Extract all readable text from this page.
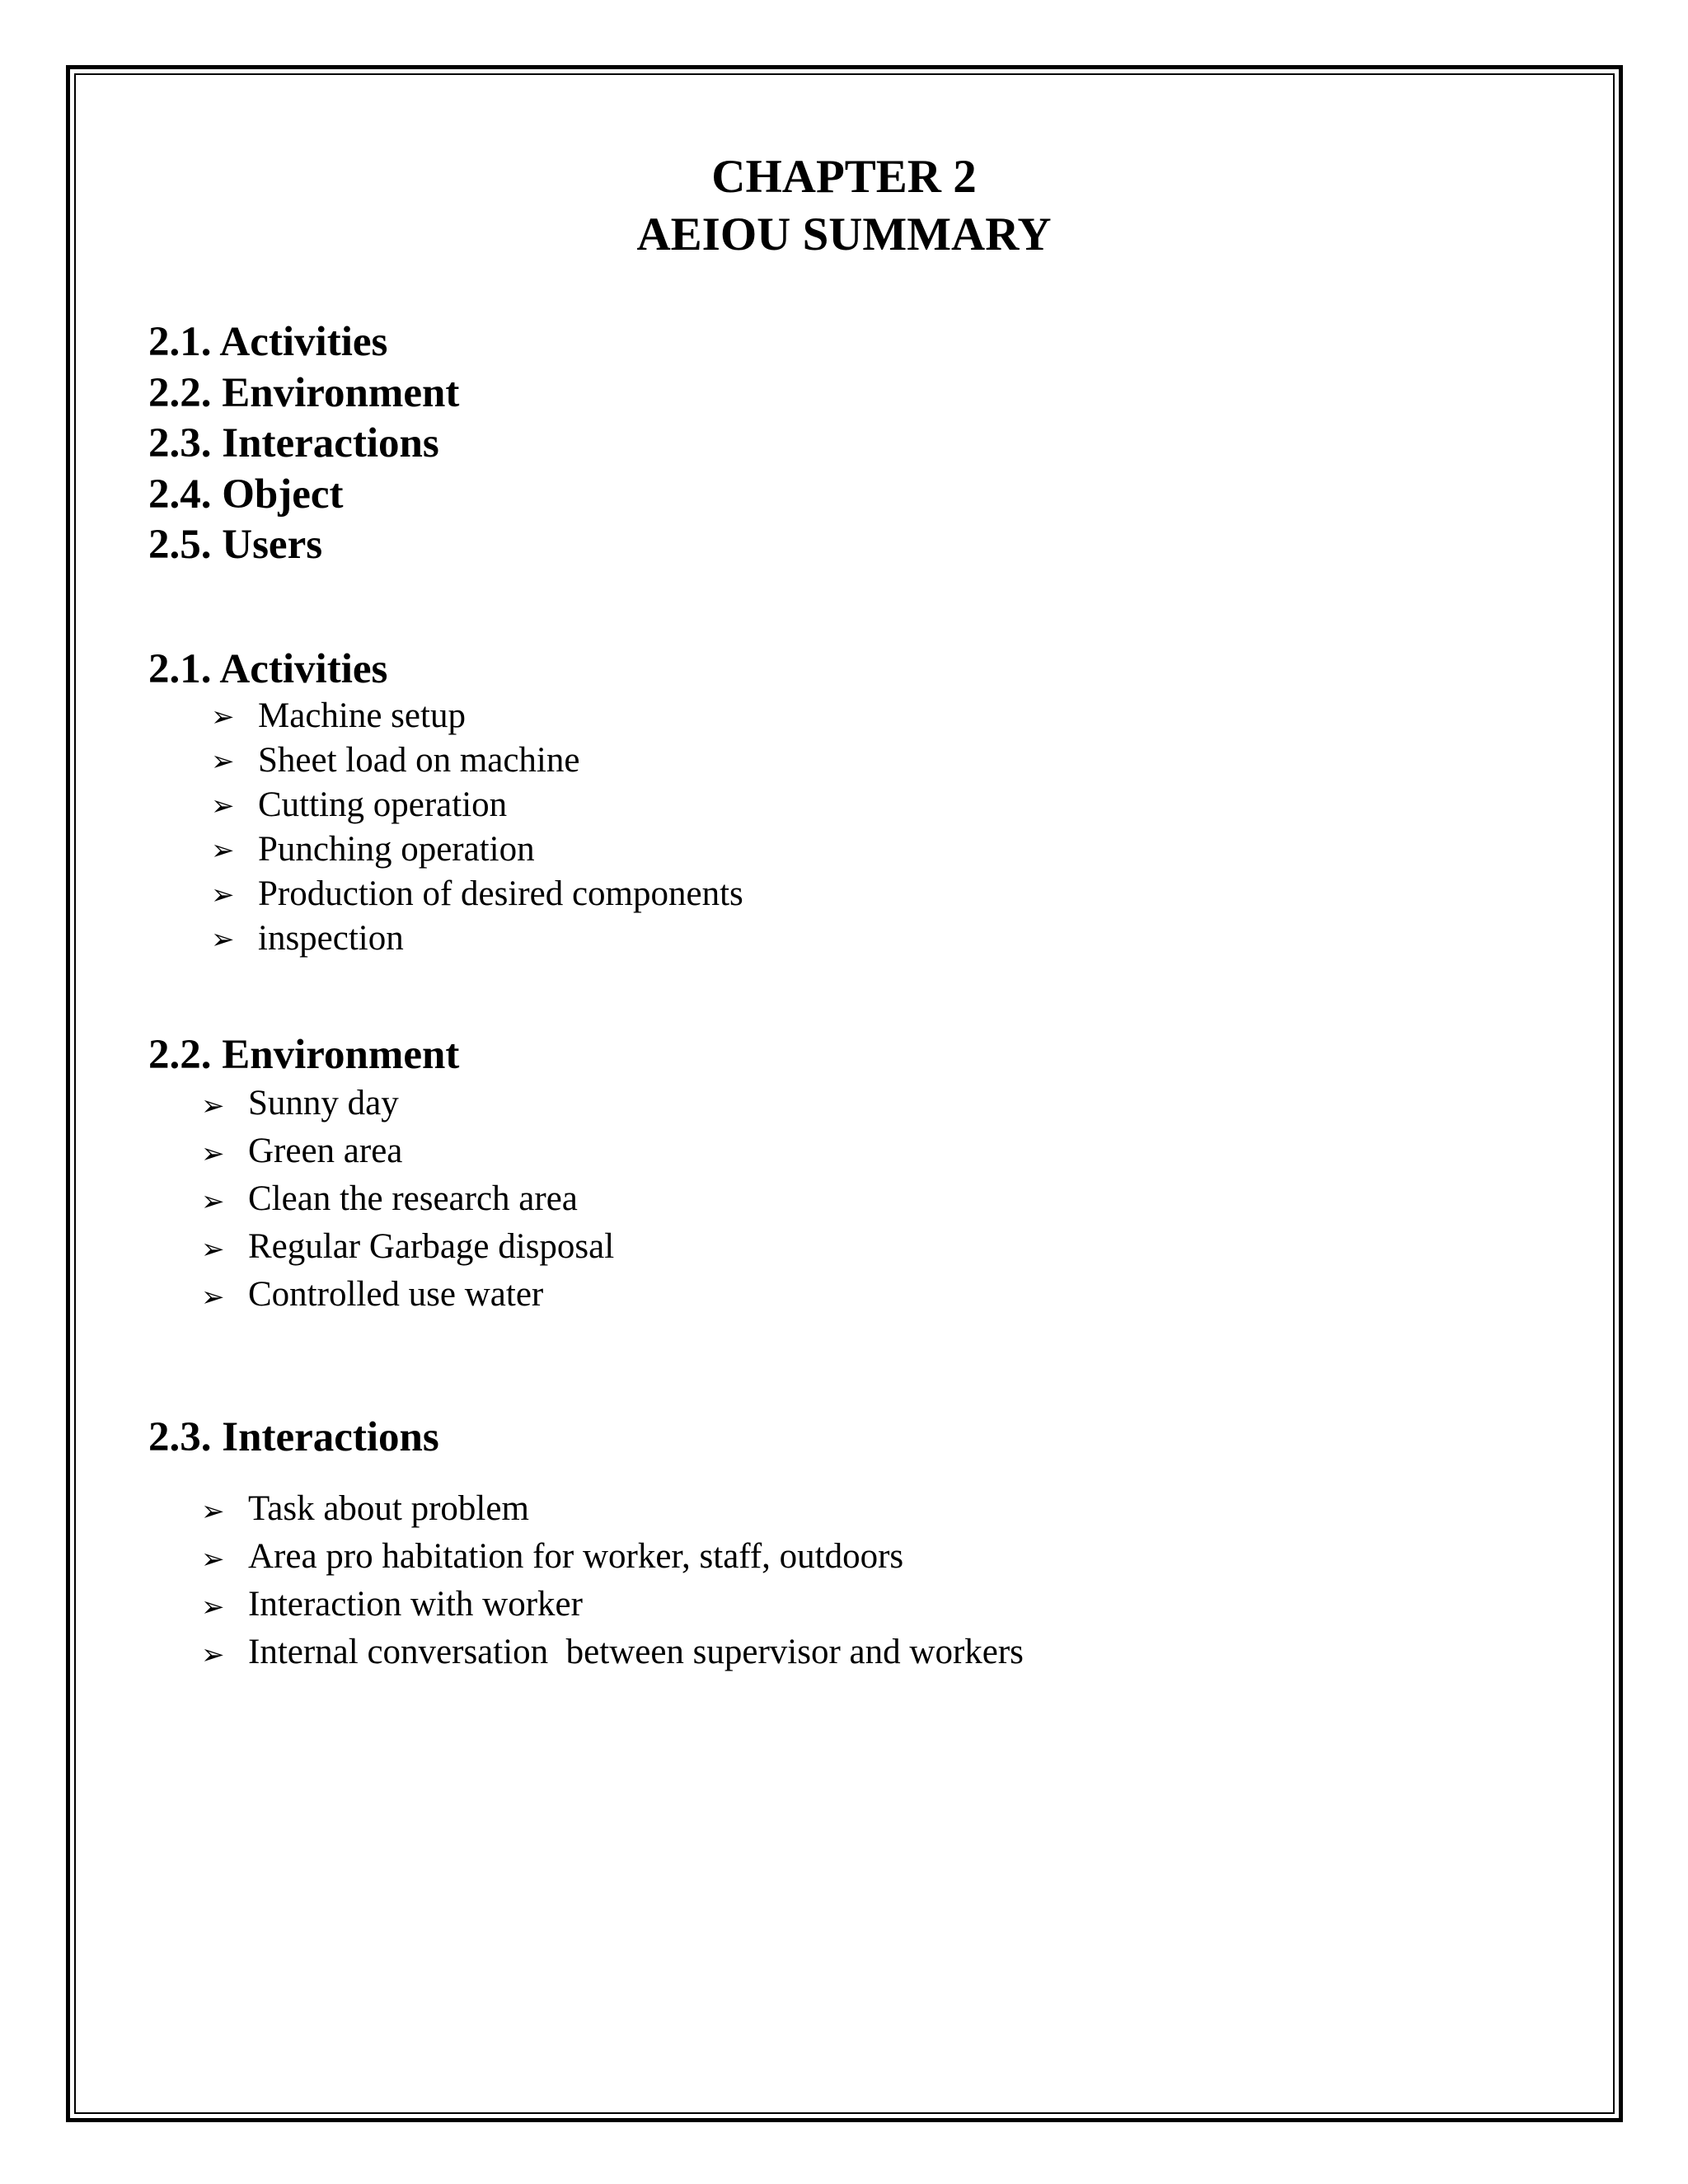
CHAPTER 2
AEIOU SUMMARY
2.1. Activities
2.2. Environment
2.3. Interactions
2.4. Object
2.5. Users
2.1. Activities
➢ Machine setup
➢ Sheet load on machine
➢ Cutting operation
➢ Punching operation
➢ Production of desired components
➢ inspection
2.2. Environment
➢ Sunny day
➢ Green area
➢ Clean the research area
➢ Regular Garbage disposal
➢ Controlled use water
2.3. Interactions
➢ Task about problem
➢ Area pro habitation for worker, staff, outdoors
➢ Interaction with worker
➢ Internal conversation  between supervisor and workers
